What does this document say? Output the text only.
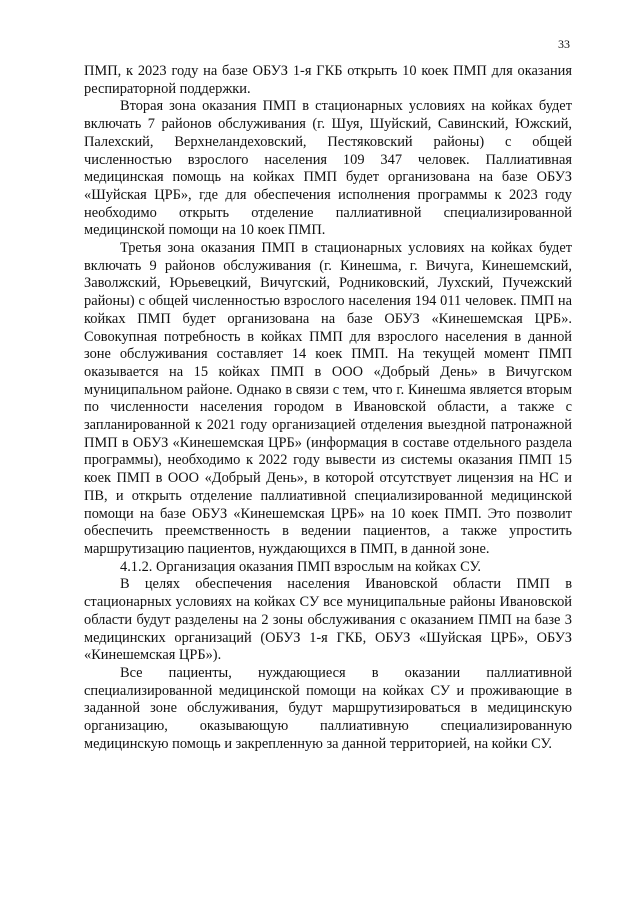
33

ПМП, к 2023 году на базе ОБУЗ 1-я ГКБ открыть 10 коек ПМП для оказания респираторной поддержки.

Вторая зона оказания ПМП в стационарных условиях на койках будет включать 7 районов обслуживания (г. Шуя, Шуйский, Савинский, Южский, Палехский, Верхнеландеховский, Пестяковский районы) с общей численностью взрослого населения 109 347 человек. Паллиативная медицинская помощь на койках ПМП будет организована на базе ОБУЗ «Шуйская ЦРБ», где для обеспечения исполнения программы к 2023 году необходимо открыть отделение паллиативной специализированной медицинской помощи на 10 коек ПМП.

Третья зона оказания ПМП в стационарных условиях на койках будет включать 9 районов обслуживания (г. Кинешма, г. Вичуга, Кинешемский, Заволжский, Юрьевецкий, Вичугский, Родниковский, Лухский, Пучежский районы) с общей численностью взрослого населения 194 011 человек. ПМП на койках ПМП будет организована на базе ОБУЗ «Кинешемская ЦРБ». Совокупная потребность в койках ПМП для взрослого населения в данной зоне обслуживания составляет 14 коек ПМП. На текущей момент ПМП оказывается на 15 койках ПМП в ООО «Добрый День» в Вичугском муниципальном районе. Однако в связи с тем, что г. Кинешма является вторым по численности населения городом в Ивановской области, а также с запланированной к 2021 году организацией отделения выездной патронажной ПМП в ОБУЗ «Кинешемская ЦРБ» (информация в составе отдельного раздела программы), необходимо к 2022 году вывести из системы оказания ПМП 15 коек ПМП в ООО «Добрый День», в которой отсутствует лицензия на НС и ПВ, и открыть отделение паллиативной специализированной медицинской помощи на базе ОБУЗ «Кинешемская ЦРБ» на 10 коек ПМП. Это позволит обеспечить преемственность в ведении пациентов, а также упростить маршрутизацию пациентов, нуждающихся в ПМП, в данной зоне.

4.1.2. Организация оказания ПМП взрослым на койках СУ.

В целях обеспечения населения Ивановской области ПМП в стационарных условиях на койках СУ все муниципальные районы Ивановской области будут разделены на 2 зоны обслуживания с оказанием ПМП на базе 3 медицинских организаций (ОБУЗ 1-я ГКБ, ОБУЗ «Шуйская ЦРБ», ОБУЗ «Кинешемская ЦРБ»).

Все пациенты, нуждающиеся в оказании паллиативной специализированной медицинской помощи на койках СУ и проживающие в заданной зоне обслуживания, будут маршрутизироваться в медицинскую организацию, оказывающую паллиативную специализированную медицинскую помощь и закрепленную за данной территорией, на койки СУ.
